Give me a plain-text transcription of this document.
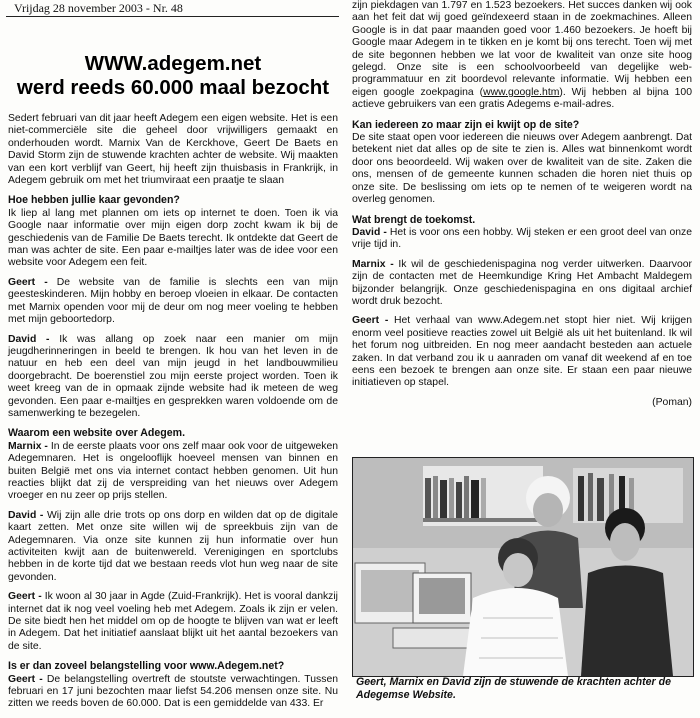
Vrijdag 28 november 2003 - Nr. 48
WWW.adegem.net
werd reeds 60.000 maal bezocht

Sedert februari van dit jaar heeft Adegem een eigen website. Het is een niet-commerciële site die geheel door vrijwilligers gemaakt en onderhouden wordt. Marnix Van de Kerckhove, Geert De Baets en David Storm zijn de stuwende krachten achter de website. Wij maakten van een kort verblijf van Geert, hij heeft zijn thuisbasis in Frankrijk, in Adegem gebruik om met het triumviraat een praatje te slaan

Hoe hebben jullie kaar gevonden?

Ik liep al lang met plannen om iets op internet te doen. Toen ik via Google naar informatie over mijn eigen dorp zocht kwam ik bij de geschiedenis van de Familie De Baets terecht. Ik ontdekte dat Geert de man was achter de site. Een paar e-mailtjes later was de idee voor een website voor Adegem een feit.

Geert - De website van de familie is slechts een van mijn geesteskinderen. Mijn hobby en beroep vloeien in elkaar. De contacten met Marnix openden voor mij de deur om nog meer voeling te hebben met mijn geboortedorp.

David - Ik was allang op zoek naar een manier om mijn jeugdherinneringen in beeld te brengen. Ik hou van het leven in de natuur en heb een deel van mijn jeugd in het landbouwmilieu doorgebracht. De boerenstiel zou mijn eerste project worden. Toen ik weet kreeg van de in opmaak zijnde website had ik meteen de weg gevonden. Een paar e-mailtjes en gesprekken waren voldoende om de samenwerking te bezegelen.

Waarom een website over Adegem.

Marnix - In de eerste plaats voor ons zelf maar ook voor de uitgeweken Adegemnaren. Het is ongelooflijk hoeveel mensen van binnen en buiten België met ons via internet contact hebben genomen. Uit hun reacties blijkt dat zij de verspreiding van het nieuws over Adegem vroeger en nu zeer op prijs stellen.

David - Wij zijn alle drie trots op ons dorp en wilden dat op de digitale kaart zetten. Met onze site willen wij de spreekbuis zijn van de Adegemnaren. Via onze site kunnen zij hun informatie over hun activiteiten kwijt aan de buitenwereld. Verenigingen en sportclubs hebben in de korte tijd dat we bestaan reeds vlot hun weg naar de site gevonden.

Geert - Ik woon al 30 jaar in Agde (Zuid-Frankrijk). Het is vooral dankzij internet dat ik nog veel voeling heb met Adegem. Zoals ik zijn er velen. De site biedt hen het middel om op de hoogte te blijven van wat er leeft in Adegem. Dat het initiatief aanslaat blijkt uit het aantal bezoekers van de site.

Is er dan zoveel belangstelling voor www.Adegem.net?

Geert - De belangstelling overtreft de stoutste verwachtingen. Tussen februari en 17 juni bezochten maar liefst 54.206 mensen onze site. Nu zitten we reeds boven de 60.000. Dat is een gemiddelde van 433. Er

zijn piekdagen van 1.797 en 1.523 bezoekers. Het succes danken wij ook aan het feit dat wij goed geïndexeerd staan in de zoekmachines. Alleen Google is in dat paar maanden goed voor 1.460 bezoekers. Je hoeft bij Google maar Adegem in te tikken en je komt bij ons terecht. Toen wij met de site begonnen hebben we lat voor de kwaliteit van onze site hoog gelegd. Onze site is een schoolvoorbeeld van degelijke web-programmatuur en zit boordevol relevante informatie. Wij hebben een eigen google zoekpagina (www.google.htm). Wij hebben al bijna 100 actieve gebruikers van een gratis Adegems e-mail-adres.

Kan iedereen zo maar zijn ei kwijt op de site?

De site staat open voor iedereen die nieuws over Adegem aanbrengt. Dat betekent niet dat alles op de site te zien is. Alles wat binnenkomt wordt door ons beoordeeld. Wij waken over de kwaliteit van de site. Zaken die ons, mensen of de gemeente kunnen schaden die horen niet thuis op onze site. De beslissing om iets op te nemen of te weigeren wordt na overleg genomen.

Wat brengt de toekomst.

David - Het is voor ons een hobby. Wij steken er een groot deel van onze vrije tijd in.

Marnix - Ik wil de geschiedenispagina nog verder uitwerken. Daarvoor zijn de contacten met de Heemkundige Kring Het Ambacht Maldegem bijzonder belangrijk. Onze geschiedenispagina en ons digitaal archief wordt druk bezocht.

Geert - Het verhaal van www.Adegem.net stopt hier niet. Wij krijgen enorm veel positieve reacties zowel uit België als uit het buitenland. Ik wil het forum nog uitbreiden. En nog meer aandacht besteden aan actuele zaken. In dat verband zou ik u aanraden om vanaf dit weekend af en toe eens een bezoek te brengen aan onze site. Er staan een paar nieuwe initiatieven op stapel.

(Poman)

Geert, Marnix en David zijn de stuwende de krachten achter de Adegemse Website.
